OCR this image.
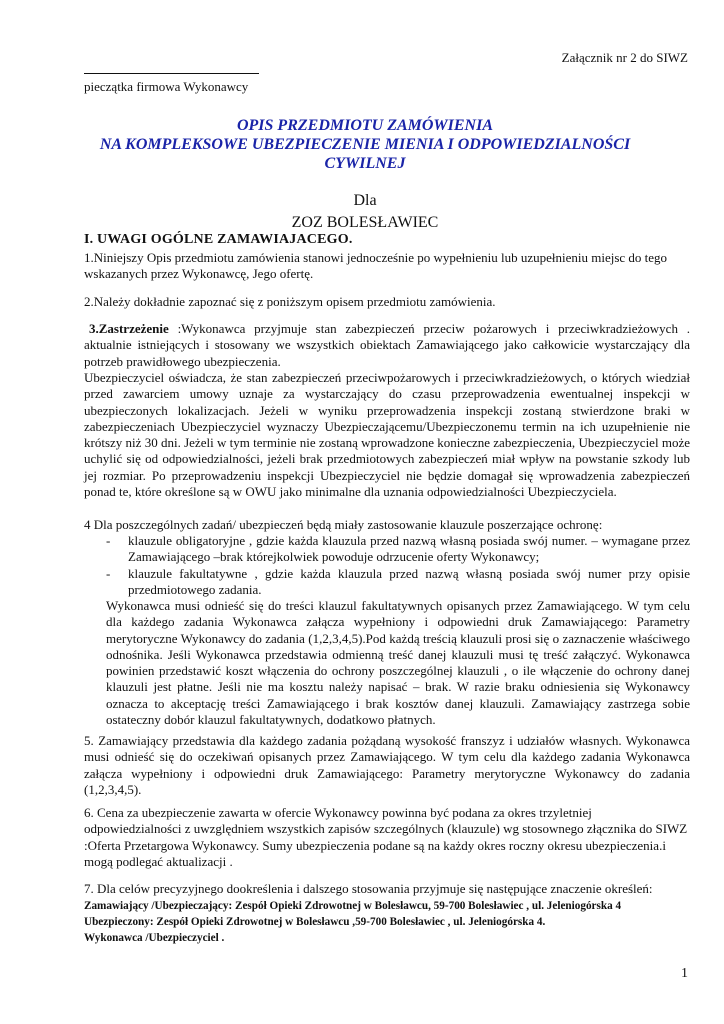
Załącznik nr 2 do SIWZ
pieczątka firmowa Wykonawcy
OPIS PRZEDMIOTU ZAMÓWIENIA
NA KOMPLEKSOWE UBEZPIECZENIE MIENIA I ODPOWIEDZIALNOŚCI
CYWILNEJ
Dla
ZOZ BOLESŁAWIEC
I. UWAGI OGÓLNE ZAMAWIAJACEGO.
1.Niniejszy Opis przedmiotu zamówienia stanowi jednocześnie po wypełnieniu lub uzupełnieniu miejsc do tego wskazanych przez Wykonawcę, Jego ofertę.
2.Należy dokładnie zapoznać się z poniższym opisem przedmiotu zamówienia.
3.Zastrzeżenie :Wykonawca przyjmuje stan zabezpieczeń przeciw pożarowych i przeciwkradzieżowych . aktualnie istniejących i stosowany we wszystkich obiektach Zamawiającego jako całkowicie wystarczający dla potrzeb prawidłowego ubezpieczenia.
Ubezpieczyciel oświadcza, że stan zabezpieczeń przeciwpożarowych i przeciwkradzieżowych, o których wiedział przed zawarciem umowy uznaje za wystarczający do czasu przeprowadzenia ewentualnej inspekcji w ubezpieczonych lokalizacjach. Jeżeli w wyniku przeprowadzenia inspekcji zostaną stwierdzone braki w zabezpieczeniach Ubezpieczyciel wyznaczy Ubezpieczającemu/Ubezpieczonemu termin na ich uzupełnienie nie krótszy niż 30 dni. Jeżeli w tym terminie nie zostaną wprowadzone konieczne zabezpieczenia, Ubezpieczyciel może uchylić się od odpowiedzialności, jeżeli brak przedmiotowych zabezpieczeń miał wpływ na powstanie szkody lub jej rozmiar. Po przeprowadzeniu inspekcji Ubezpieczyciel nie będzie domagał się wprowadzenia zabezpieczeń ponad te, które określone są w OWU jako minimalne dla uznania odpowiedzialności Ubezpieczyciela.
4 Dla poszczególnych zadań/ ubezpieczeń będą miały zastosowanie klauzule poszerzające ochronę:
- klauzule obligatoryjne , gdzie każda klauzula przed nazwą własną posiada swój numer. – wymagane przez Zamawiającego –brak którejkolwiek powoduje odrzucenie oferty Wykonawcy;
- klauzule fakultatywne , gdzie każda klauzula przed nazwą własną posiada swój numer przy opisie przedmiotowego zadania.
Wykonawca musi odnieść się do treści klauzul fakultatywnych opisanych przez Zamawiającego. W tym celu dla każdego zadania Wykonawca załącza wypełniony i odpowiedni druk Zamawiającego: Parametry merytoryczne Wykonawcy do zadania (1,2,3,4,5).Pod każdą treścią klauzuli prosi się o zaznaczenie właściwego odnośnika. Jeśli Wykonawca przedstawia odmienną treść danej klauzuli musi tę treść załączyć. Wykonawca powinien przedstawić koszt włączenia do ochrony poszczególnej klauzuli , o ile włączenie do ochrony danej klauzuli jest płatne. Jeśli nie ma kosztu należy napisać – brak. W razie braku odniesienia się Wykonawcy oznacza to akceptację treści Zamawiającego i brak kosztów danej klauzuli. Zamawiający zastrzega sobie ostateczny dobór klauzul fakultatywnych, dodatkowo płatnych.
5. Zamawiający przedstawia dla każdego zadania pożądaną wysokość franszyz i udziałów własnych. Wykonawca musi odnieść się do oczekiwań opisanych przez Zamawiającego. W tym celu dla każdego zadania Wykonawca załącza wypełniony i odpowiedni druk Zamawiającego: Parametry merytoryczne Wykonawcy do zadania (1,2,3,4,5).
6. Cena za ubezpieczenie zawarta w ofercie Wykonawcy powinna być podana za okres trzyletniej odpowiedzialności z uwzględniem wszystkich zapisów szczególnych (klauzule) wg stosownego złącznika do SIWZ :Oferta Przetargowa Wykonawcy. Sumy ubezpieczenia podane są na każdy okres roczny okresu ubezpieczenia.i mogą podlegać aktualizacji .
7. Dla celów precyzyjnego dookreślenia i dalszego stosowania przyjmuje się następujące znaczenie określeń:
Zamawiający /Ubezpieczający: Zespół Opieki Zdrowotnej w Bolesławcu, 59-700 Bolesławiec , ul. Jeleniogórska 4
Ubezpieczony: Zespół Opieki Zdrowotnej w Bolesławcu ,59-700 Bolesławiec , ul. Jeleniogórska 4.
Wykonawca /Ubezpieczyciel .
1
